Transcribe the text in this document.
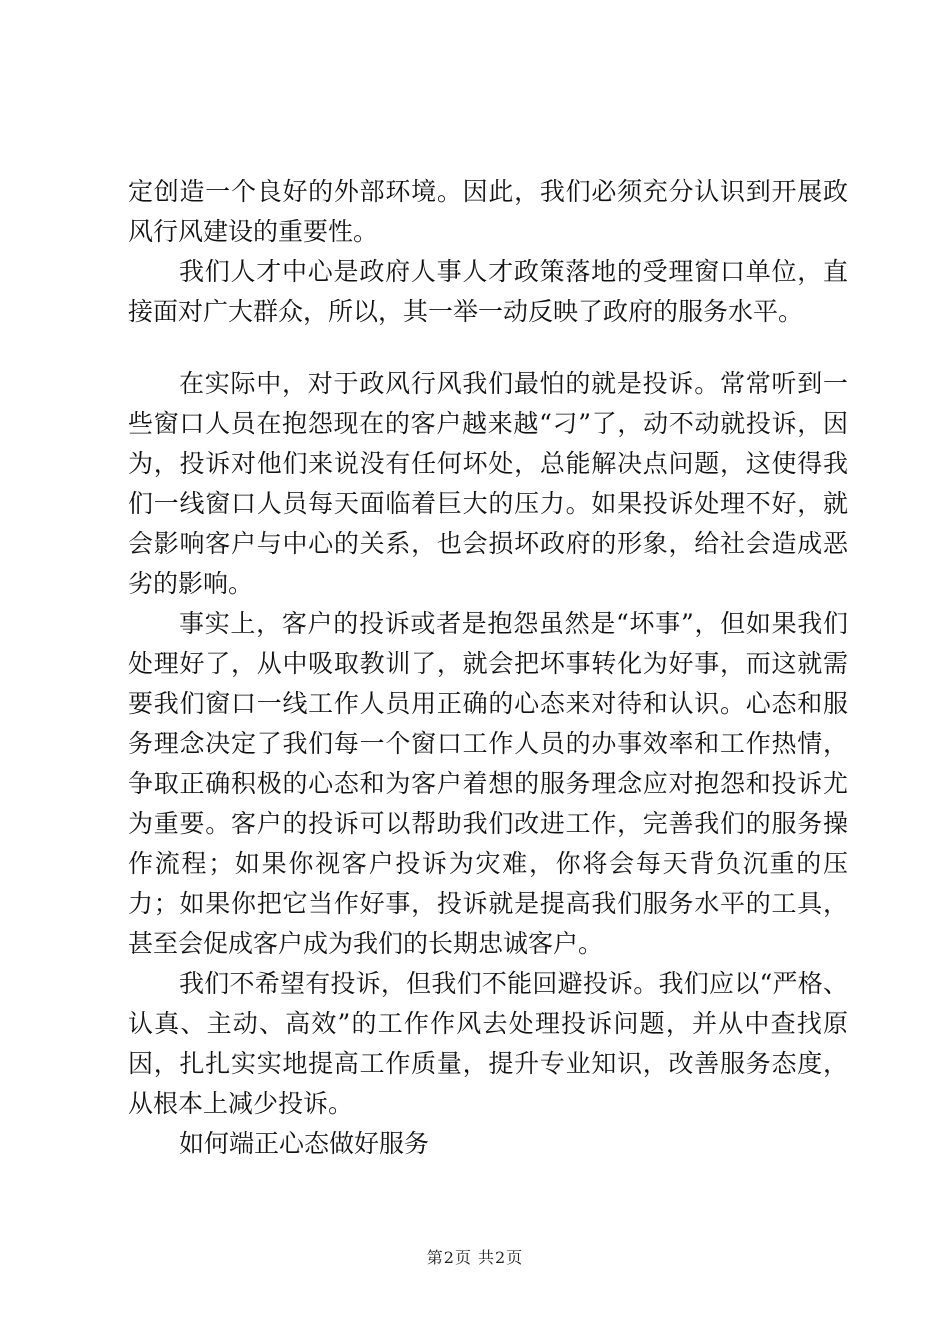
定创造一个良好的外部环境。因此，我们必须充分认识到开展政风行风建设的重要性。

我们人才中心是政府人事人才政策落地的受理窗口单位，直接面对广大群众，所以，其一举一动反映了政府的服务水平。

在实际中，对于政风行风我们最怕的就是投诉。常常听到一些窗口人员在抱怨现在的客户越来越“刁”了，动不动就投诉，因为，投诉对他们来说没有任何坏处，总能解决点问题，这使得我们一线窗口人员每天面临着巨大的压力。如果投诉处理不好，就会影响客户与中心的关系，也会损坏政府的形象，给社会造成恶劣的影响。

事实上，客户的投诉或者是抱怨虽然是“坏事”，但如果我们处理好了，从中吸取教训了，就会把坏事转化为好事，而这就需要我们窗口一线工作人员用正确的心态来对待和认识。心态和服务理念决定了我们每一个窗口工作人员的办事效率和工作热情，争取正确积极的心态和为客户着想的服务理念应对抱怨和投诉尤为重要。客户的投诉可以帮助我们改进工作，完善我们的服务操作流程；如果你视客户投诉为灾难，你将会每天背负沉重的压力；如果你把它当作好事，投诉就是提高我们服务水平的工具，甚至会促成客户成为我们的长期忠诚客户。

我们不希望有投诉，但我们不能回避投诉。我们应以“严格、认真、主动、高效”的工作作风去处理投诉问题，并从中查找原因，扎扎实实地提高工作质量，提升专业知识，改善服务态度，从根本上减少投诉。

如何端正心态做好服务

第2页 共2页
